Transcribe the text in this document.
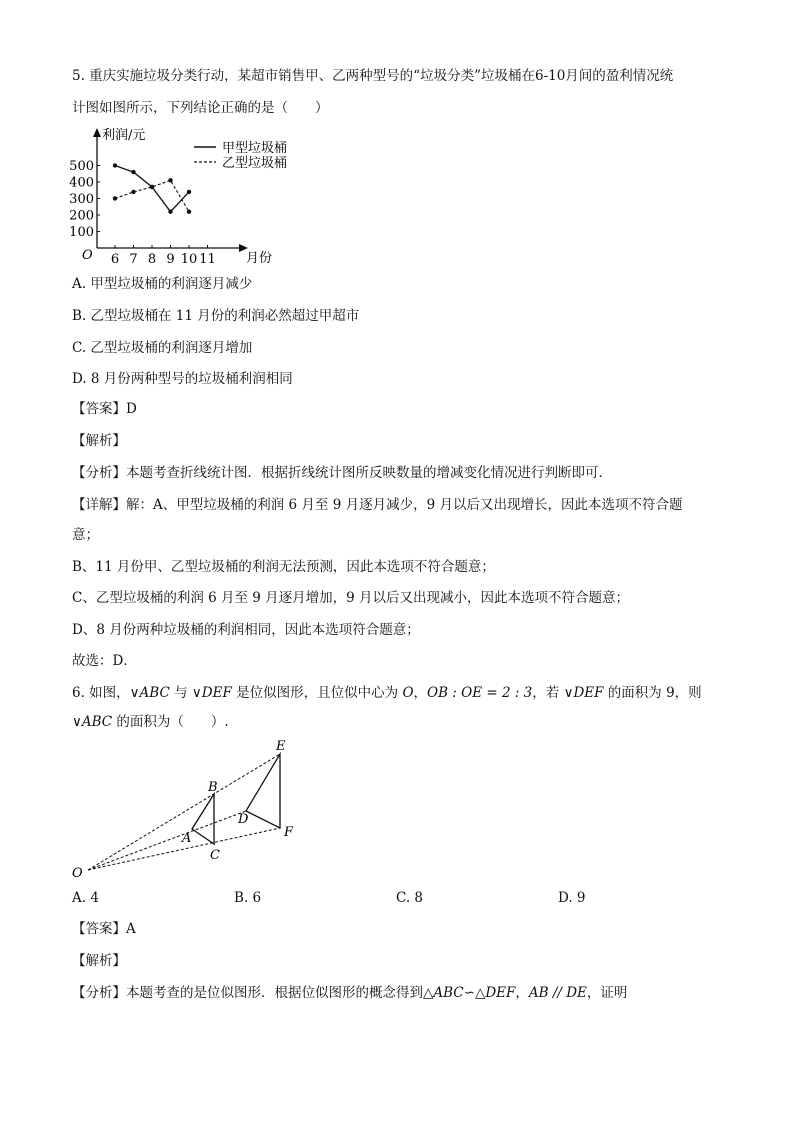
5. 重庆实施垃圾分类行动，某超市销售甲、乙两种型号的“垃圾分类”垃圾桶在6-10月间的盈利情况统
计图如图所示，下列结论正确的是（　　）
利润/元
月份
O
甲型垃圾桶
乙型垃圾桶
100
200
300
400
500
6 7 8 9 10 11
A. 甲型垃圾桶的利润逐月减少
B. 乙型垃圾桶在 11 月份的利润必然超过甲超市
C. 乙型垃圾桶的利润逐月增加
D. 8 月份两种型号的垃圾桶利润相同
【答案】D
【解析】
【分析】本题考查折线统计图．根据折线统计图所反映数量的增减变化情况进行判断即可．
【详解】解：A、甲型垃圾桶的利润 6 月至 9 月逐月减少，9 月以后又出现增长，因此本选项不符合题
意；
B、11 月份甲、乙型垃圾桶的利润无法预测，因此本选项不符合题意；
C、乙型垃圾桶的利润 6 月至 9 月逐月增加，9 月以后又出现减小，因此本选项不符合题意；
D、8 月份两种垃圾桶的利润相同，因此本选项符合题意；
故选：D．
6. 如图，∨ABC 与 ∨DEF 是位似图形，且位似中心为 O，OB : OE = 2 : 3，若 ∨DEF 的面积为 9，则
∨ABC 的面积为（　　）.
O
A
B
C
D
E
F
A. 4	B. 6	C. 8	D. 9
【答案】A
【解析】
【分析】本题考查的是位似图形．根据位似图形的概念得到△ABC∽△DEF，AB // DE，证明
